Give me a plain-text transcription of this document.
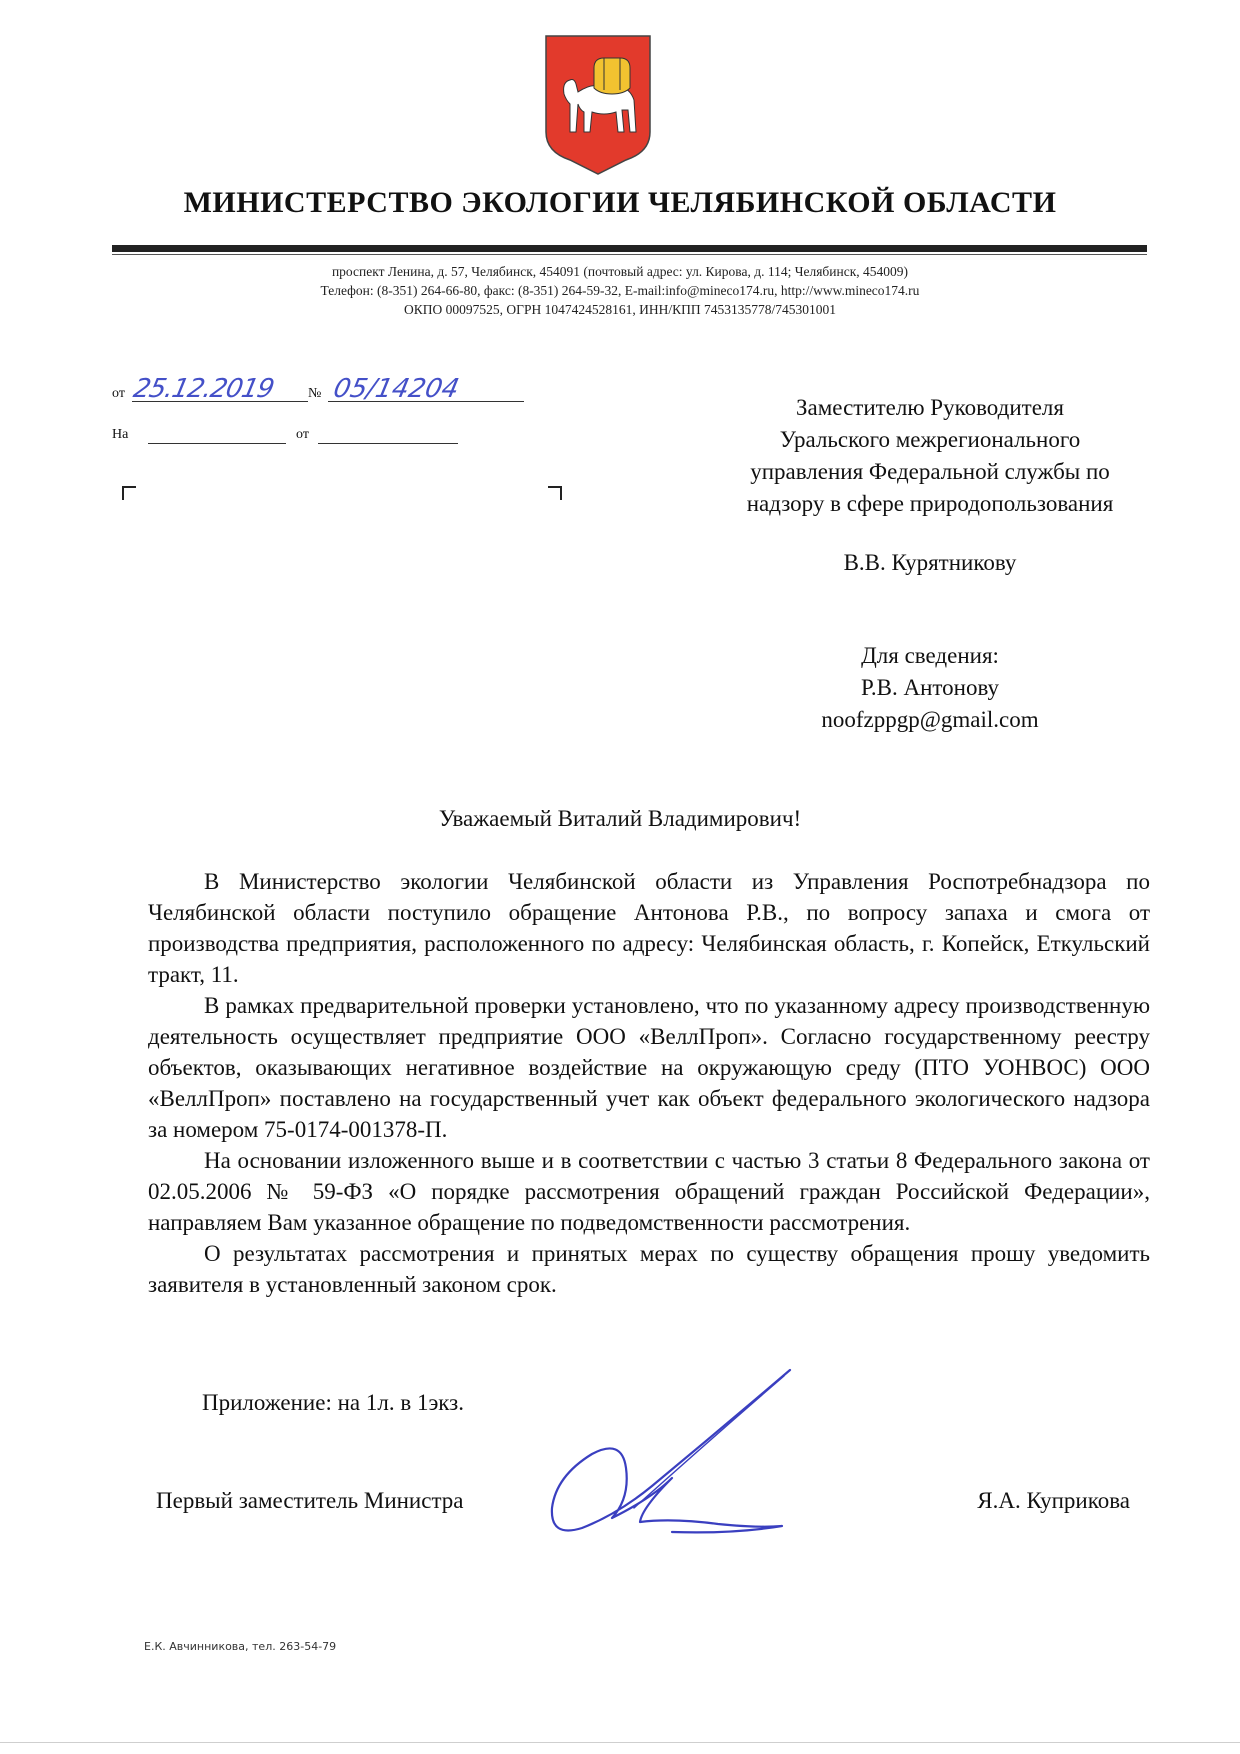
МИНИСТЕРСТВО ЭКОЛОГИИ ЧЕЛЯБИНСКОЙ ОБЛАСТИ
проспект Ленина, д. 57, Челябинск, 454091 (почтовый адрес: ул. Кирова, д. 114; Челябинск, 454009)
Телефон: (8-351) 264-66-80, факс: (8-351) 264-59-32, E-mail:info@mineco174.ru, http://www.mineco174.ru
ОКПО 00097525, ОГРН 1047424528161, ИНН/КПП 7453135778/745301001
от 25.12.2019 № 05/14204
На	от
Заместителю Руководителя
Уральского межрегионального
управления Федеральной службы по
надзору в сфере природопользования
В.В. Курятникову
Для сведения:
Р.В. Антонову
noofzppgp@gmail.com
Уважаемый Виталий Владимирович!

В Министерство экологии Челябинской области из Управления Роспотребнадзора по Челябинской области поступило обращение Антонова Р.В., по вопросу запаха и смога от производства предприятия, расположенного по адресу: Челябинская область, г. Копейск, Еткульский тракт, 11.

В рамках предварительной проверки установлено, что по указанному адресу производственную деятельность осуществляет предприятие ООО «ВеллПроп». Согласно государственному реестру объектов, оказывающих негативное воздействие на окружающую среду (ПТО УОНВОС) ООО «ВеллПроп» поставлено на государственный учет как объект федерального экологического надзора за номером 75-0174-001378-П.

На основании изложенного выше и в соответствии с частью 3 статьи 8 Федерального закона от 02.05.2006 № 59-ФЗ «О порядке рассмотрения обращений граждан Российской Федерации», направляем Вам указанное обращение по подведомственности рассмотрения.

О результатах рассмотрения и принятых мерах по существу обращения прошу уведомить заявителя в установленный законом срок.

Приложение: на 1л. в 1экз.
Первый заместитель Министра	Я.А. Куприкова
Е.К. Авчинникова, тел. 263-54-79
